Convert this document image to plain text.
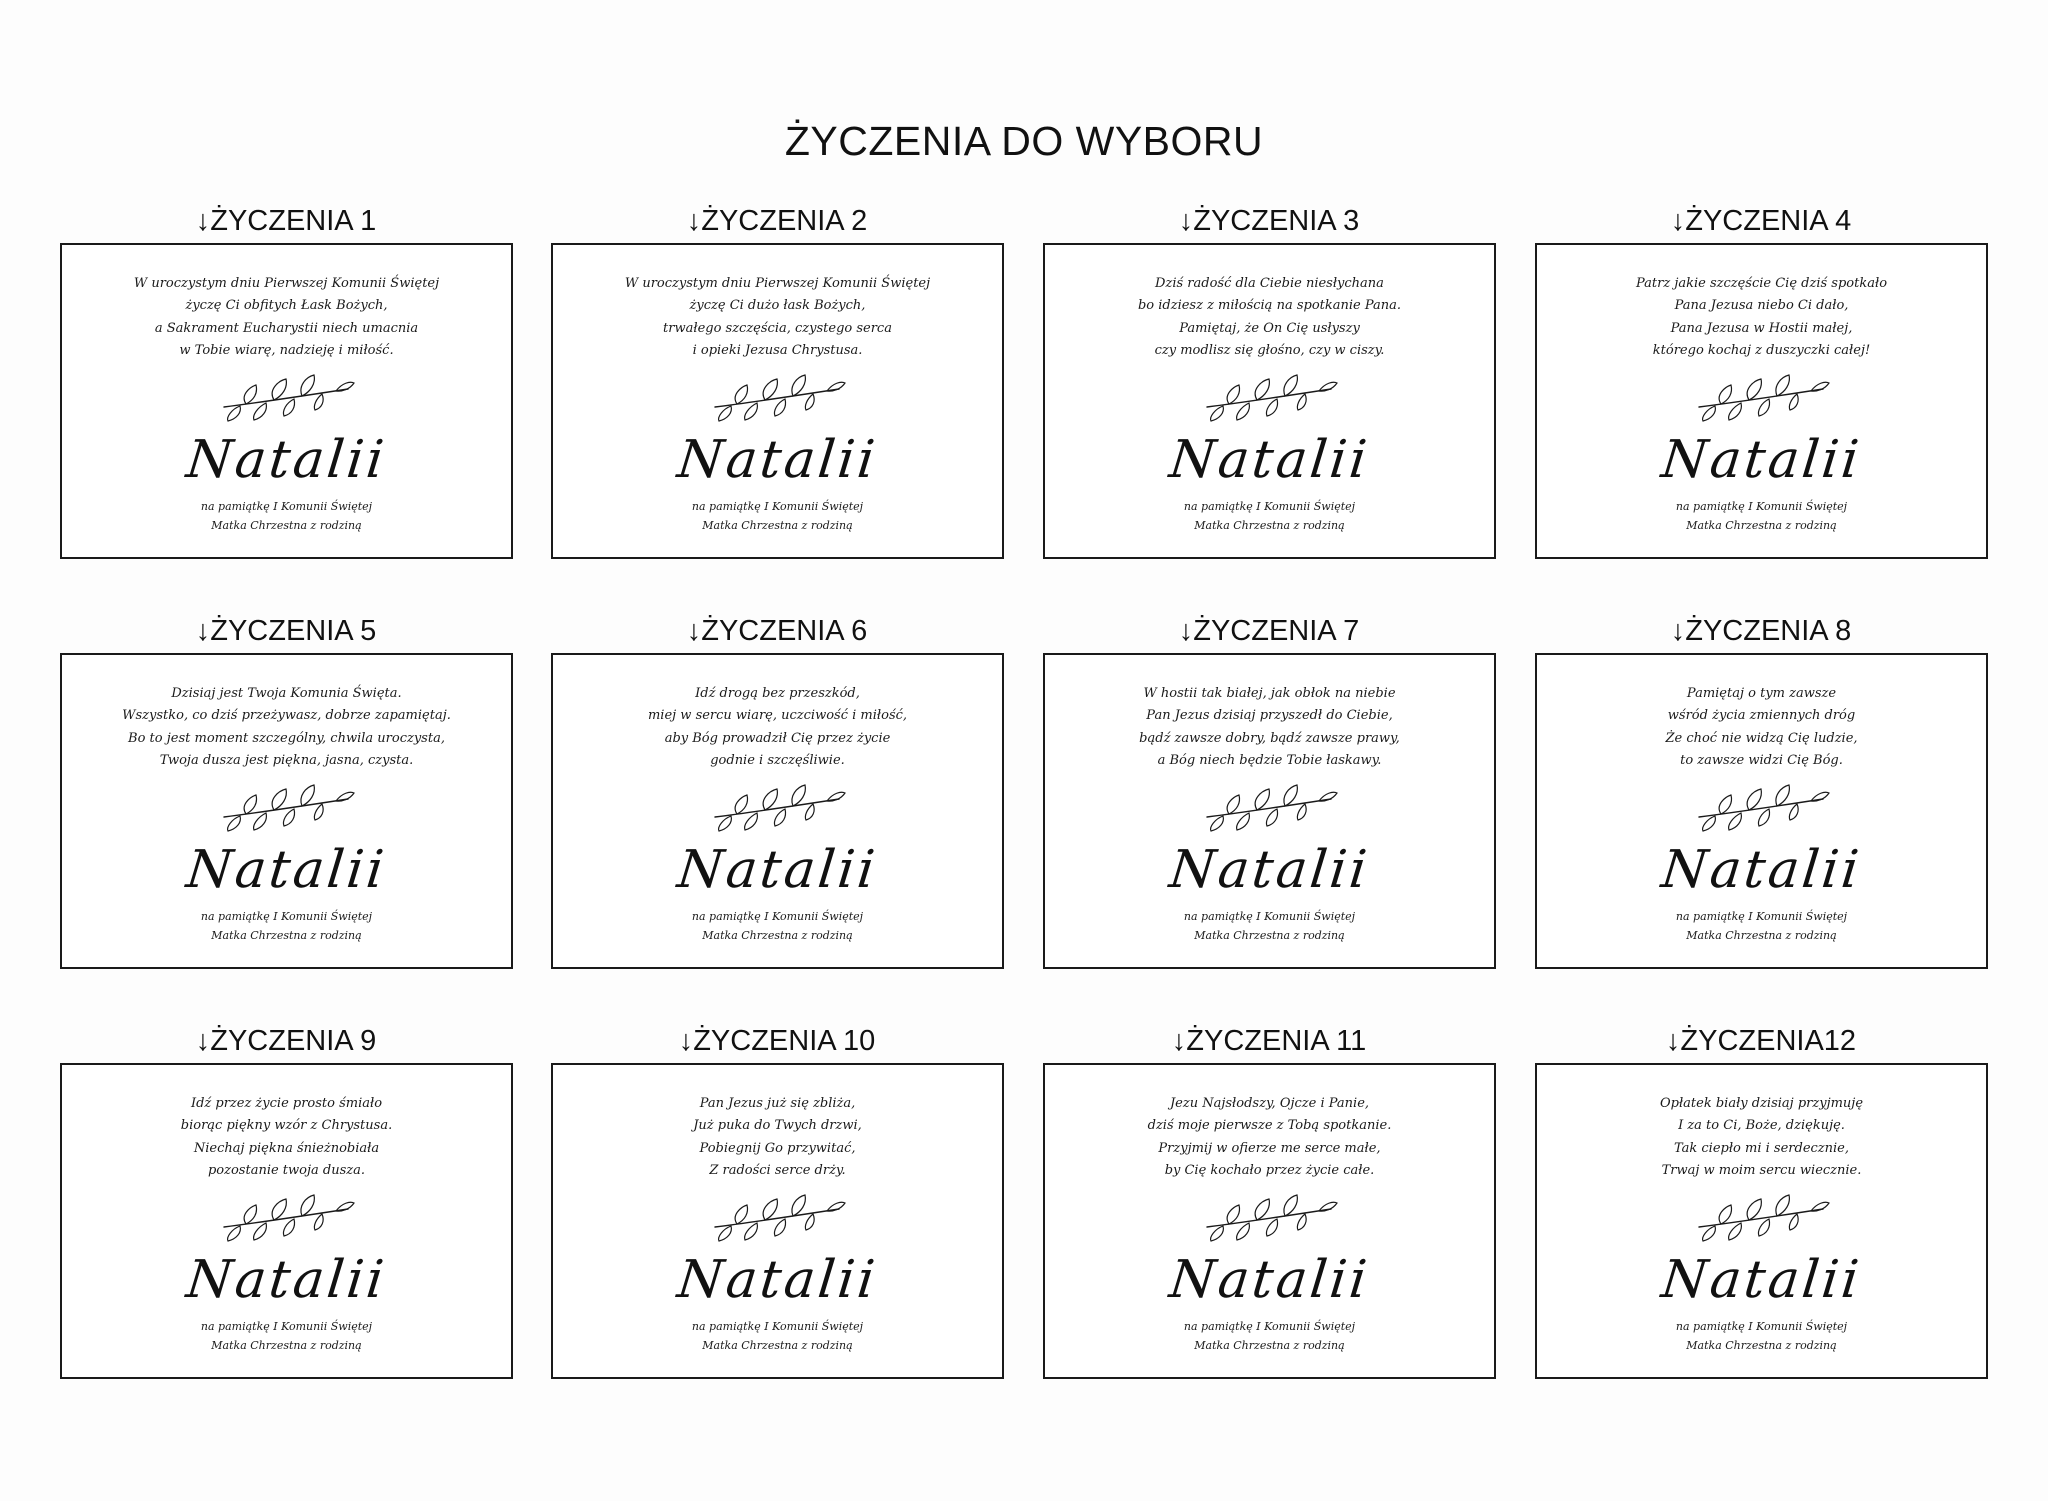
ŻYCZENIA DO WYBORU
↓ŻYCZENIA 1
W uroczystym dniu Pierwszej Komunii Świętej
życzę Ci obfitych Łask Bożych,
a Sakrament Eucharystii niech umacnia
w Tobie wiarę, nadzieję i miłość.
Natalii
na pamiątkę I Komunii Świętej
Matka Chrzestna z rodziną
↓ŻYCZENIA 2
W uroczystym dniu Pierwszej Komunii Świętej
życzę Ci dużo łask Bożych,
trwałego szczęścia, czystego serca
i opieki Jezusa Chrystusa.
Natalii
na pamiątkę I Komunii Świętej
Matka Chrzestna z rodziną
↓ŻYCZENIA 3
Dziś radość dla Ciebie niesłychana
bo idziesz z miłością na spotkanie Pana.
Pamiętaj, że On Cię usłyszy
czy modlisz się głośno, czy w ciszy.
Natalii
na pamiątkę I Komunii Świętej
Matka Chrzestna z rodziną
↓ŻYCZENIA 4
Patrz jakie szczęście Cię dziś spotkało
Pana Jezusa niebo Ci dało,
Pana Jezusa w Hostii małej,
którego kochaj z duszyczki całej!
Natalii
na pamiątkę I Komunii Świętej
Matka Chrzestna z rodziną
↓ŻYCZENIA 5
Dzisiaj jest Twoja Komunia Święta.
Wszystko, co dziś przeżywasz, dobrze zapamiętaj.
Bo to jest moment szczególny, chwila uroczysta,
Twoja dusza jest piękna, jasna, czysta.
Natalii
na pamiątkę I Komunii Świętej
Matka Chrzestna z rodziną
↓ŻYCZENIA 6
Idź drogą bez przeszkód,
miej w sercu wiarę, uczciwość i miłość,
aby Bóg prowadził Cię przez życie
godnie i szczęśliwie.
Natalii
na pamiątkę I Komunii Świętej
Matka Chrzestna z rodziną
↓ŻYCZENIA 7
W hostii tak białej, jak obłok na niebie
Pan Jezus dzisiaj przyszedł do Ciebie,
bądź zawsze dobry, bądź zawsze prawy,
a Bóg niech będzie Tobie łaskawy.
Natalii
na pamiątkę I Komunii Świętej
Matka Chrzestna z rodziną
↓ŻYCZENIA 8
Pamiętaj o tym zawsze
wśród życia zmiennych dróg
Że choć nie widzą Cię ludzie,
to zawsze widzi Cię Bóg.
Natalii
na pamiątkę I Komunii Świętej
Matka Chrzestna z rodziną
↓ŻYCZENIA 9
Idź przez życie prosto śmiało
biorąc piękny wzór z Chrystusa.
Niechaj piękna śnieżnobiała
pozostanie twoja dusza.
Natalii
na pamiątkę I Komunii Świętej
Matka Chrzestna z rodziną
↓ŻYCZENIA 10
Pan Jezus już się zbliża,
Już puka do Twych drzwi,
Pobiegnij Go przywitać,
Z radości serce drży.
Natalii
na pamiątkę I Komunii Świętej
Matka Chrzestna z rodziną
↓ŻYCZENIA 11
Jezu Najsłodszy, Ojcze i Panie,
dziś moje pierwsze z Tobą spotkanie.
Przyjmij w ofierze me serce małe,
by Cię kochało przez życie całe.
Natalii
na pamiątkę I Komunii Świętej
Matka Chrzestna z rodziną
↓ŻYCZENIA12
Opłatek biały dzisiaj przyjmuję
I za to Ci, Boże, dziękuję.
Tak ciepło mi i serdecznie,
Trwaj w moim sercu wiecznie.
Natalii
na pamiątkę I Komunii Świętej
Matka Chrzestna z rodziną
